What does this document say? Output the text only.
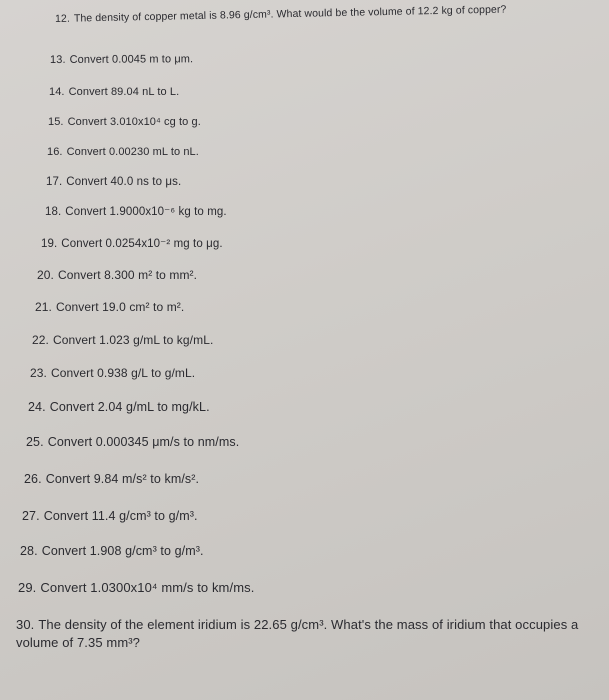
12. The density of copper metal is 8.96 g/cm³. What would be the volume of 12.2 kg of copper?
13. Convert 0.0045 m to μm.
14. Convert 89.04 nL to L.
15. Convert 3.010x10⁴ cg to g.
16. Convert 0.00230 mL to nL.
17. Convert 40.0 ns to μs.
18. Convert 1.9000x10⁻⁶ kg to mg.
19. Convert 0.0254x10⁻² mg to μg.
20. Convert 8.300 m² to mm².
21. Convert 19.0 cm² to m².
22. Convert 1.023 g/mL to kg/mL.
23. Convert 0.938 g/L to g/mL.
24. Convert 2.04 g/mL to mg/kL.
25. Convert 0.000345 μm/s to nm/ms.
26. Convert 9.84 m/s² to km/s².
27. Convert 11.4 g/cm³ to g/m³.
28. Convert 1.908 g/cm³ to g/m³.
29. Convert 1.0300x10⁴ mm/s to km/ms.
30. The density of the element iridium is 22.65 g/cm³. What's the mass of iridium that occupies a volume of 7.35 mm³?
